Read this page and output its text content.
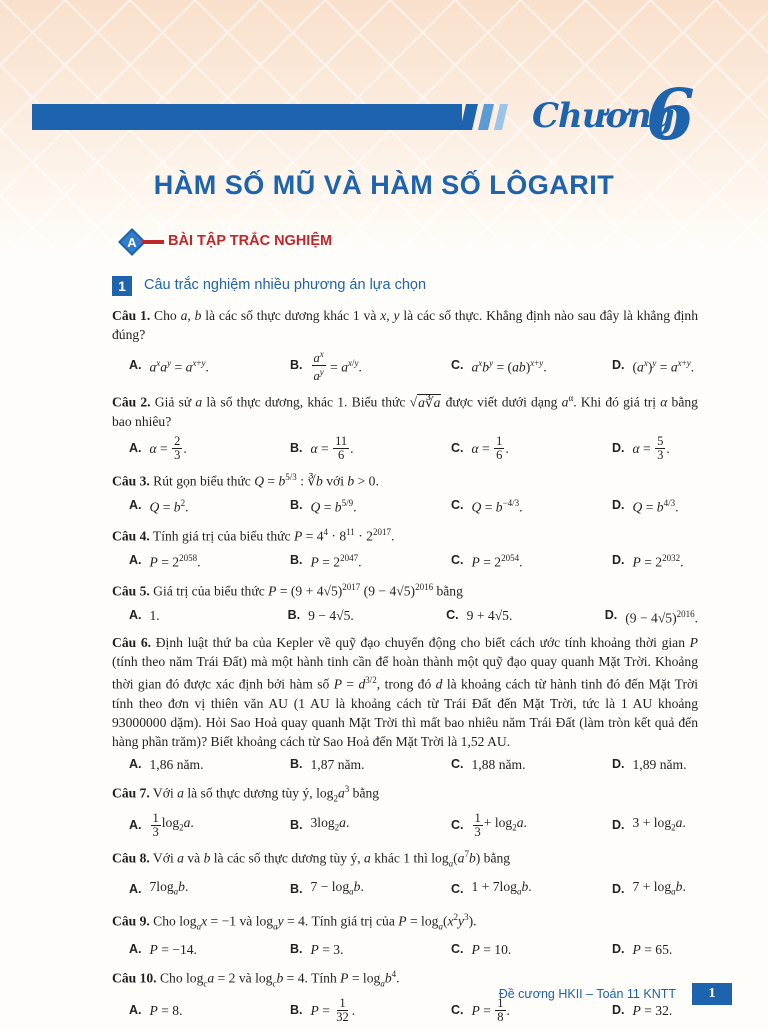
Chương
6
HÀM SỐ MŨ VÀ HÀM SỐ LÔGARIT
A BÀI TẬP TRẮC NGHIỆM
1	Câu trắc nghiệm nhiều phương án lựa chọn

Câu 1. Cho a, b là các số thực dương khác 1 và x, y là các số thực. Khẳng định nào sau đây là khẳng định đúng?

A. $a^xa^y = a^{x+y}$.	B. $\frac{a^x}{a^y} = a^{x/y}$.	C. $a^xb^y = (ab)^{x+y}$.	D. $(a^x)^y = a^{x+y}$.

Câu 2. Giả sử a là số thực dương, khác 1. Biểu thức √a∛a được viết dưới dạng $a^\alpha$. Khi đó giá trị α bằng bao nhiêu?

A. $\alpha = \frac{2}{3}$ .	B. $\alpha = \frac{11}{6}$ .	C. $\alpha = \frac{1}{6}$ .	D. $\alpha = \frac{5}{3}$ .

Câu 3. Rút gọn biểu thức $Q = b^{5/3}$ : ∛b với b > 0.

A. $Q = b^2$.	B. $Q = b^{5/9}$.	C. $Q = b^{-4/3}$.	D. $Q = b^{4/3}$.

Câu 4. Tính giá trị của biểu thức $P = 4^4 \cdot 8^{11} \cdot 2^{2017}$.

A. $P = 2^{2058}$.	B. $P = 2^{2047}$.	C. $P = 2^{2054}$.	D. $P = 2^{2032}$.

Câu 5. Giá trị của biểu thức $P = (9 + 4√5)^{2017}$ $(9 - 4√5)^{2016}$ bằng

A. 1.	B. 9 − 4√5.	C. 9 + 4√5.	D. $(9 - 4√5)^{2016}$.

Câu 6. Định luật thứ ba của Kepler về quỹ đạo chuyển động cho biết cách ước tính khoảng thời gian P (tính theo năm Trái Đất) mà một hành tinh cần để hoàn thành một quỹ đạo quay quanh Mặt Trời. Khoảng thời gian đó được xác định bởi hàm số $P = d^{3/2}$, trong đó d là khoảng cách từ hành tinh đó đến Mặt Trời tính theo đơn vị thiên văn AU (1 AU là khoảng cách từ Trái Đất đến Mặt Trời, tức là 1 AU khoảng 93000000 dặm). Hỏi Sao Hoả quay quanh Mặt Trời thì mất bao nhiêu năm Trái Đất (làm tròn kết quả đến hàng phần trăm)? Biết khoảng cách từ Sao Hoả đến Mặt Trời là 1,52 AU.

A. 1,86 năm.	B. 1,87 năm.	C. 1,88 năm.	D. 1,89 năm.

Câu 7. Với a là số thực dương tùy ý, $\log_2a^3$ bằng

A. $\frac{1}{3} \log_2a$.	B. $3\log_2a$.	C. $\frac{1}{3} + \log_2a$.	D. $3 + \log_2a$.

Câu 8. Với a và b là các số thực dương tùy ý, a khác 1 thì $\log_a(a^7b)$ bằng

A. $7\log_ab$.	B. $7 - \log_ab$.	C. $1 + 7\log_ab$.	D. $7 + \log_ab$.

Câu 9. Cho $\log_ax = -1$ và $\log_ay = 4$. Tính giá trị của $P = \log_a(x^2y^3)$.

A. P = −14.	B. P = 3.	C. P = 10.	D. P = 65.

Câu 10. Cho $\log_ca = 2$ và $\log_cb = 4$. Tính $P = \log_ab^4$.

A. P = 8.	B. $P = \frac{1}{32}$ .	C. $P = \frac{1}{8}$ .	D. P = 32.
Đề cương HKII – Toán 11 KNTT	1
